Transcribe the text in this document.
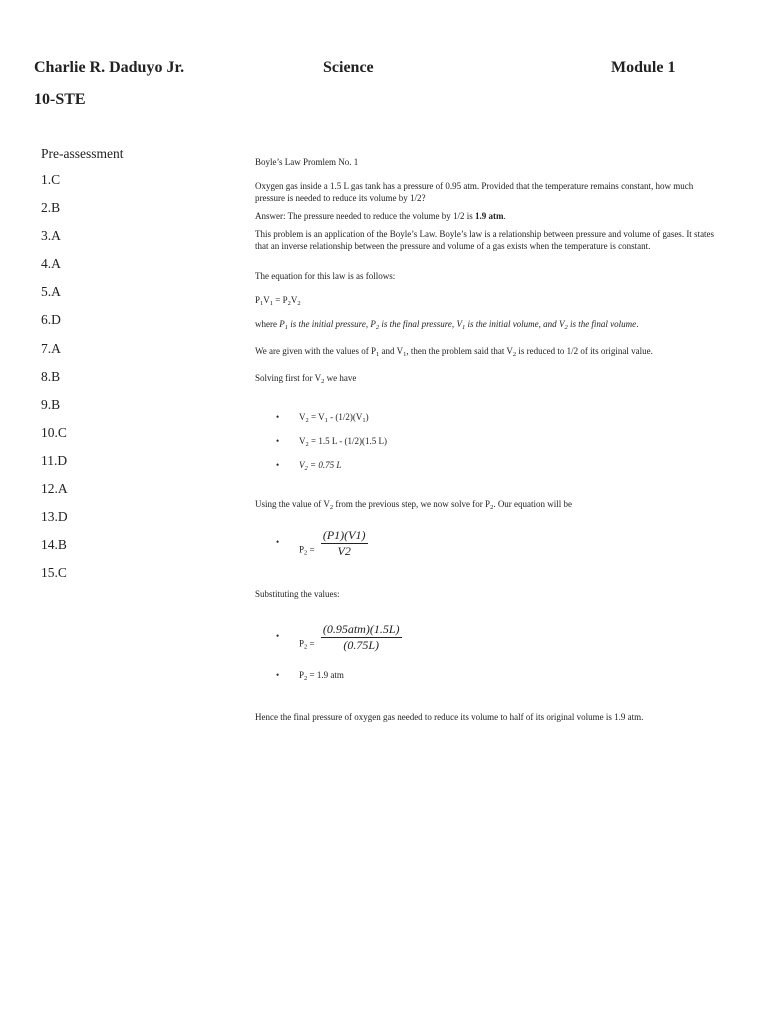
Charlie R. Daduyo Jr.	Science	Module 1
10-STE
Pre-assessment
1.C
2.B
3.A
4.A
5.A
6.D
7.A
8.B
9.B
10.C
11.D
12.A
13.D
14.B
15.C

Boyle’s Law Promlem No. 1

Oxygen gas inside a 1.5 L gas tank has a pressure of 0.95 atm. Provided that the temperature remains constant, how much pressure is needed to reduce its volume by 1/2?

Answer: The pressure needed to reduce the volume by 1/2 is 1.9 atm.

This problem is an application of the Boyle’s Law. Boyle’s law is a relationship between pressure and volume of gases. It states that an inverse relationship between the pressure and volume of a gas exists when the temperature is constant.

The equation for this law is as follows:

$P_1V_1 = P_2V_2$

where $P_1$ is the initial pressure, $P_2$ is the final pressure, $V_1$ is the initial volume, and $V_2$ is the final volume.

We are given with the values of $P_1$ and $V_1$, then the problem said that $V_2$ is reduced to 1/2 of its original value.

Solving first for $V_2$ we have

• $V_2 = V_1 - (1/2)(V_1)$

• $V_2 = 1.5$ L - (1/2)(1.5 L)

• $V_2 = 0.75$ L

Using the value of $V_2$ from the previous step, we now solve for $P_2$. Our equation will be

•
$P_2 = \frac{(P1)(V1)}{V2}$

Substituting the values:

•
$P_2 = \frac{\text{(0.95atm)(1.5L)}}{(0.75L)}$

• $P_2 = 1.9$ atm

Hence the final pressure of oxygen gas needed to reduce its volume to half of its original volume is 1.9 atm.
